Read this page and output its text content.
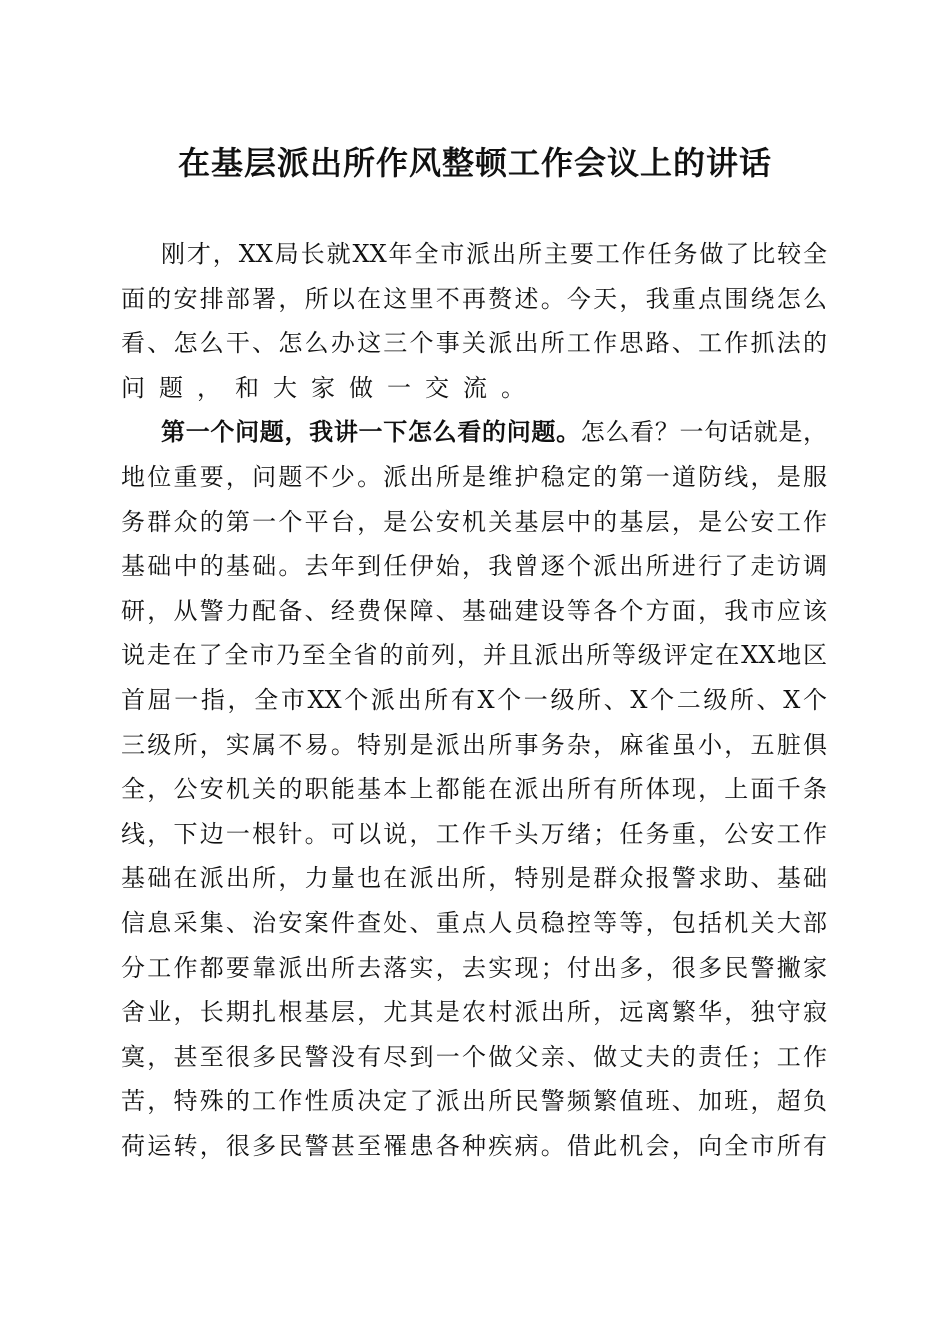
在基层派出所作风整顿工作会议上的讲话
刚才，XX局长就XX年全市派出所主要工作任务做了比较全
面的安排部署，所以在这里不再赘述。今天，我重点围绕怎么
看、怎么干、怎么办这三个事关派出所工作思路、工作抓法的
问题，和大家做一交流。
第一个问题，我讲一下怎么看的问题。怎么看？一句话就是，
地位重要，问题不少。派出所是维护稳定的第一道防线，是服
务群众的第一个平台，是公安机关基层中的基层，是公安工作
基础中的基础。去年到任伊始，我曾逐个派出所进行了走访调
研，从警力配备、经费保障、基础建设等各个方面，我市应该
说走在了全市乃至全省的前列，并且派出所等级评定在XX地区
首屈一指，全市XX个派出所有X个一级所、X个二级所、X个
三级所，实属不易。特别是派出所事务杂，麻雀虽小，五脏俱
全，公安机关的职能基本上都能在派出所有所体现，上面千条
线，下边一根针。可以说，工作千头万绪；任务重，公安工作
基础在派出所，力量也在派出所，特别是群众报警求助、基础
信息采集、治安案件查处、重点人员稳控等等，包括机关大部
分工作都要靠派出所去落实，去实现；付出多，很多民警撇家
舍业，长期扎根基层，尤其是农村派出所，远离繁华，独守寂
寞，甚至很多民警没有尽到一个做父亲、做丈夫的责任；工作
苦，特殊的工作性质决定了派出所民警频繁值班、加班，超负
荷运转，很多民警甚至罹患各种疾病。借此机会，向全市所有
